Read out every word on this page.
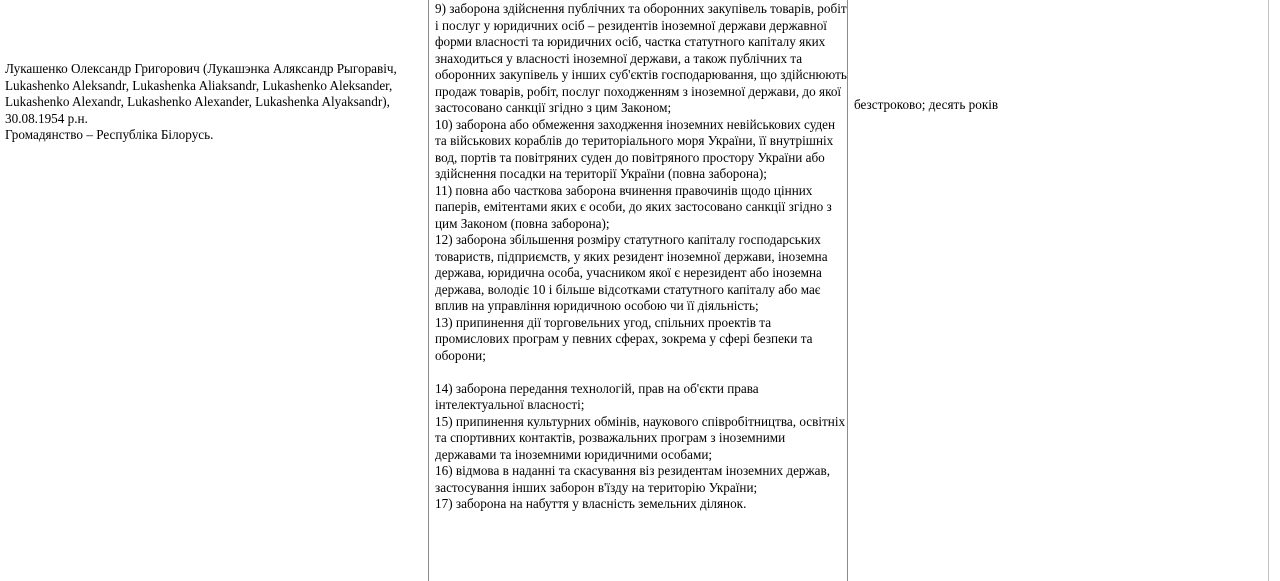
Лукашенко Олександр Григорович (Лукашэнка Аляксандр Рыгоравіч, Lukashenko Aleksandr, Lukashenka Aliaksandr, Lukashenko Aleksander, Lukashenko Alexandr, Lukashenko Alexander, Lukashenka Alyaksandr), 30.08.1954 р.н.
Громадянство – Республіка Білорусь.
9) заборона здійснення публічних та оборонних закупівель товарів, робіт і послуг у юридичних осіб – резидентів іноземної держави державної форми власності та юридичних осіб, частка статутного капіталу яких знаходиться у власності іноземної держави, а також публічних та оборонних закупівель у інших суб'єктів господарювання, що здійснюють продаж товарів, робіт, послуг походженням з іноземної держави, до якої застосовано санкції згідно з цим Законом;
10) заборона або обмеження заходження іноземних невійськових суден та військових кораблів до територіального моря України, її внутрішніх вод, портів та повітряних суден до повітряного простору України або здійснення посадки на території України (повна заборона);
11) повна або часткова заборона вчинення правочинів щодо цінних паперів, емітентами яких є особи, до яких застосовано санкції згідно з цим Законом (повна заборона);
12) заборона збільшення розміру статутного капіталу господарських товариств, підприємств, у яких резидент іноземної держави, іноземна держава, юридична особа, учасником якої є нерезидент або іноземна держава, володіє 10 і більше відсотками статутного капіталу або має вплив на управління юридичною особою чи її діяльність;
13) припинення дії торговельних угод, спільних проектів та промислових програм у певних сферах, зокрема у сфері безпеки та оборони;
14) заборона передання технологій, прав на об'єкти права інтелектуальної власності;
15) припинення культурних обмінів, наукового співробітництва, освітніх та спортивних контактів, розважальних програм з іноземними державами та іноземними юридичними особами;
16) відмова в наданні та скасування віз резидентам іноземних держав, застосування інших заборон в'їзду на територію України;
17) заборона на набуття у власність земельних ділянок.
безстроково; десять років
